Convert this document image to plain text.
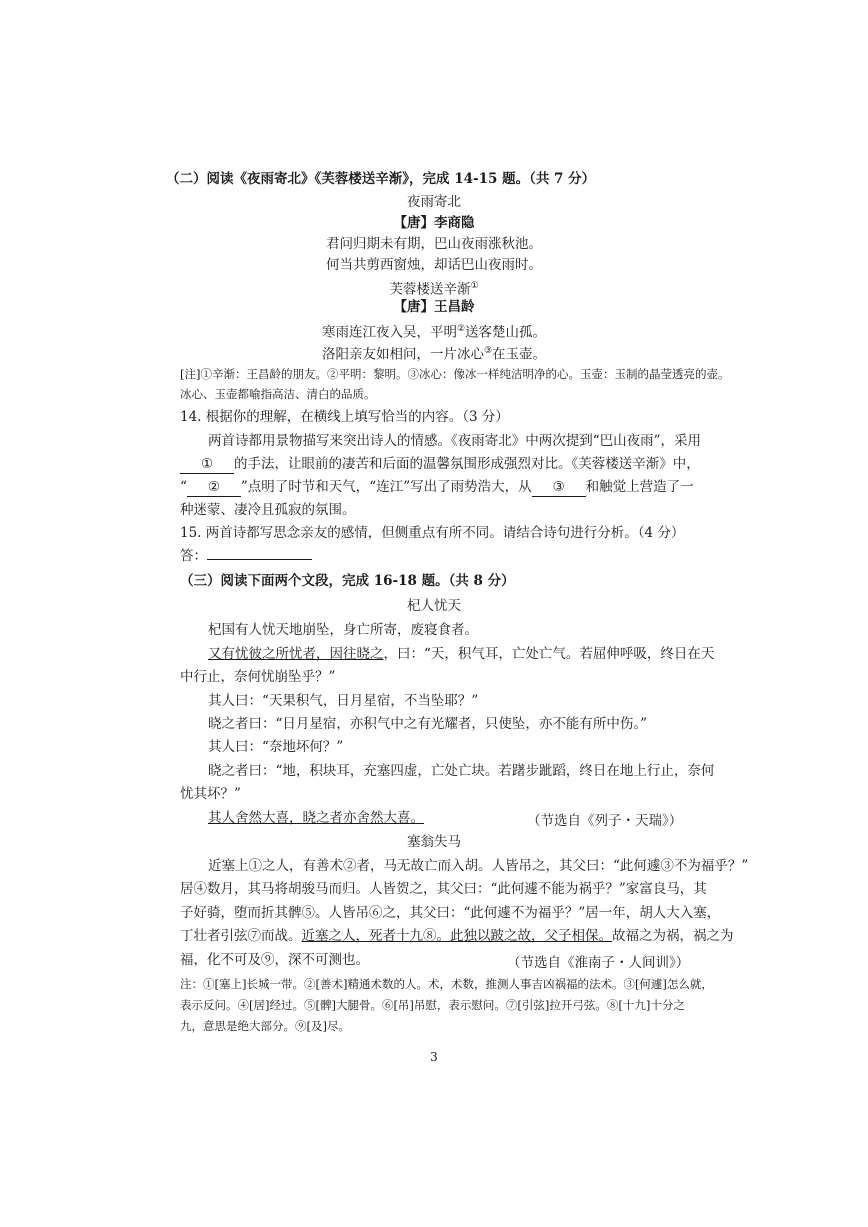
（二）阅读《夜雨寄北》《芙蓉楼送辛渐》，完成 14-15 题。（共 7 分）
夜雨寄北
【唐】李商隐
君问归期未有期，巴山夜雨涨秋池。
何当共剪西窗烛，却话巴山夜雨时。
芙蓉楼送辛渐①
【唐】王昌龄
寒雨连江夜入吴，平明②送客楚山孤。
洛阳亲友如相问，一片冰心③在玉壶。
[注]①辛渐：王昌龄的朋友。②平明：黎明。③冰心：像冰一样纯洁明净的心。玉壶：玉制的晶莹透亮的壶。
冰心、玉壶都喻指高洁、清白的品质。
14. 根据你的理解，在横线上填写恰当的内容。（3 分）
两首诗都用景物描写来突出诗人的情感。《夜雨寄北》中两次提到“巴山夜雨”，采用
① 的手法，让眼前的凄苦和后面的温馨氛围形成强烈对比。《芙蓉楼送辛渐》中，
“ ② ”点明了时节和天气，“连江”写出了雨势浩大，从 ③ 和触觉上营造了一
种迷蒙、凄冷且孤寂的氛围。
15. 两首诗都写思念亲友的感情，但侧重点有所不同。请结合诗句进行分析。（4 分）
答：
（三）阅读下面两个文段，完成 16-18 题。（共 8 分）
杞人忧天
杞国有人忧天地崩坠，身亡所寄，废寝食者。
又有忧彼之所忧者，因往晓之，曰：“天，积气耳，亡处亡气。若屈伸呼吸，终日在天
中行止，奈何忧崩坠乎？”
其人曰：“天果积气，日月星宿，不当坠耶？”
晓之者曰：“日月星宿，亦积气中之有光耀者，只使坠，亦不能有所中伤。”
其人曰：“奈地坏何？”
晓之者曰：“地，积块耳，充塞四虚，亡处亡块。若躇步跐蹈，终日在地上行止，奈何
忧其坏？”
其人舍然大喜，晓之者亦舍然大喜。	（节选自《列子・天瑞》）
塞翁失马
近塞上①之人，有善术②者，马无故亡而入胡。人皆吊之，其父曰：“此何遽③不为福乎？”
居④数月，其马将胡骏马而归。人皆贺之，其父曰：“此何遽不能为祸乎？”家富良马，其
子好骑，堕而折其髀⑤。人皆吊⑥之，其父曰：“此何遽不为福乎？”居一年，胡人大入塞，
丁壮者引弦⑦而战。近塞之人，死者十九⑧。此独以跛之故，父子相保。故福之为祸，祸之为
福，化不可及⑨，深不可测也。	（节选自《淮南子・人间训》）
注：①[塞上]长城一带。②[善术]精通术数的人。术，术数，推测人事吉凶祸福的法术。③[何遽]怎么就，
表示反问。④[居]经过。⑤[髀]大腿骨。⑥[吊]吊慰，表示慰问。⑦[引弦]拉开弓弦。⑧[十九]十分之
九，意思是绝大部分。⑨[及]尽。
3
